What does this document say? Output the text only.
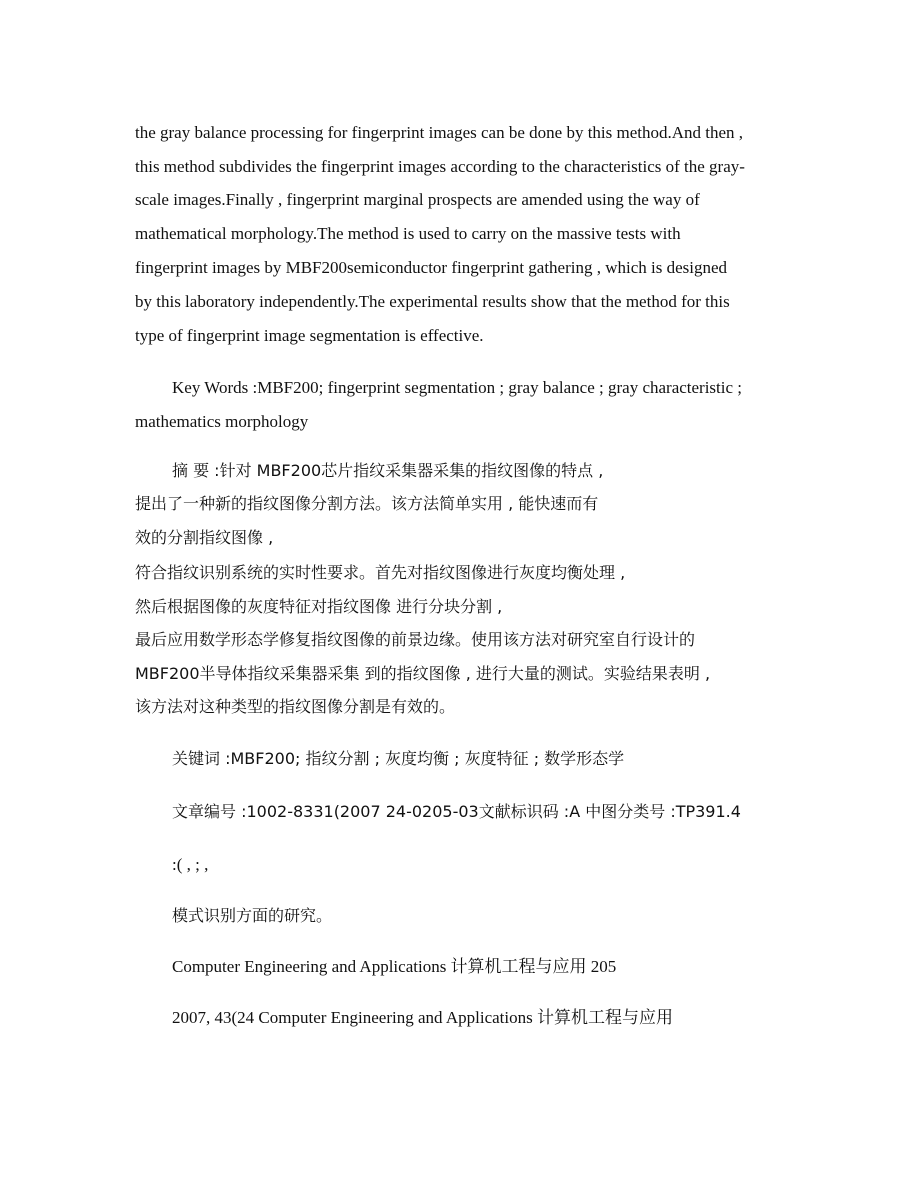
the gray balance processing for fingerprint images can be done by this method.And then ,
this method subdivides the fingerprint images according to the characteristics of the gray-
scale images.Finally , fingerprint marginal prospects are amended using the way of
mathematical morphology.The method is used to carry on the massive tests with
fingerprint images by MBF200semiconductor fingerprint gathering , which is designed
by this laboratory independently.The experimental results show that the method for this
type of fingerprint image segmentation is effective.
Key Words :MBF200; fingerprint segmentation ; gray balance ; gray characteristic ;
mathematics morphology
摘 要 :针对 MBF200芯片指纹采集器采集的指纹图像的特点 ,
提出了一种新的指纹图像分割方法。该方法简单实用 , 能快速而有
效的分割指纹图像 ,
符合指纹识别系统的实时性要求。首先对指纹图像进行灰度均衡处理 ,
然后根据图像的灰度特征对指纹图像 进行分块分割 ,
最后应用数学形态学修复指纹图像的前景边缘。使用该方法对研究室自行设计的
MBF200半导体指纹采集器采集 到的指纹图像 , 进行大量的测试。实验结果表明 ,
该方法对这种类型的指纹图像分割是有效的。
关键词 :MBF200; 指纹分割 ; 灰度均衡 ; 灰度特征 ; 数学形态学
文章编号 :1002-8331(2007 24-0205-03文献标识码 :A 中图分类号 :TP391.4
:( , ; ,
模式识别方面的研究。
Computer Engineering and Applications 计算机工程与应用 205
2007, 43(24 Computer Engineering and Applications 计算机工程与应用
